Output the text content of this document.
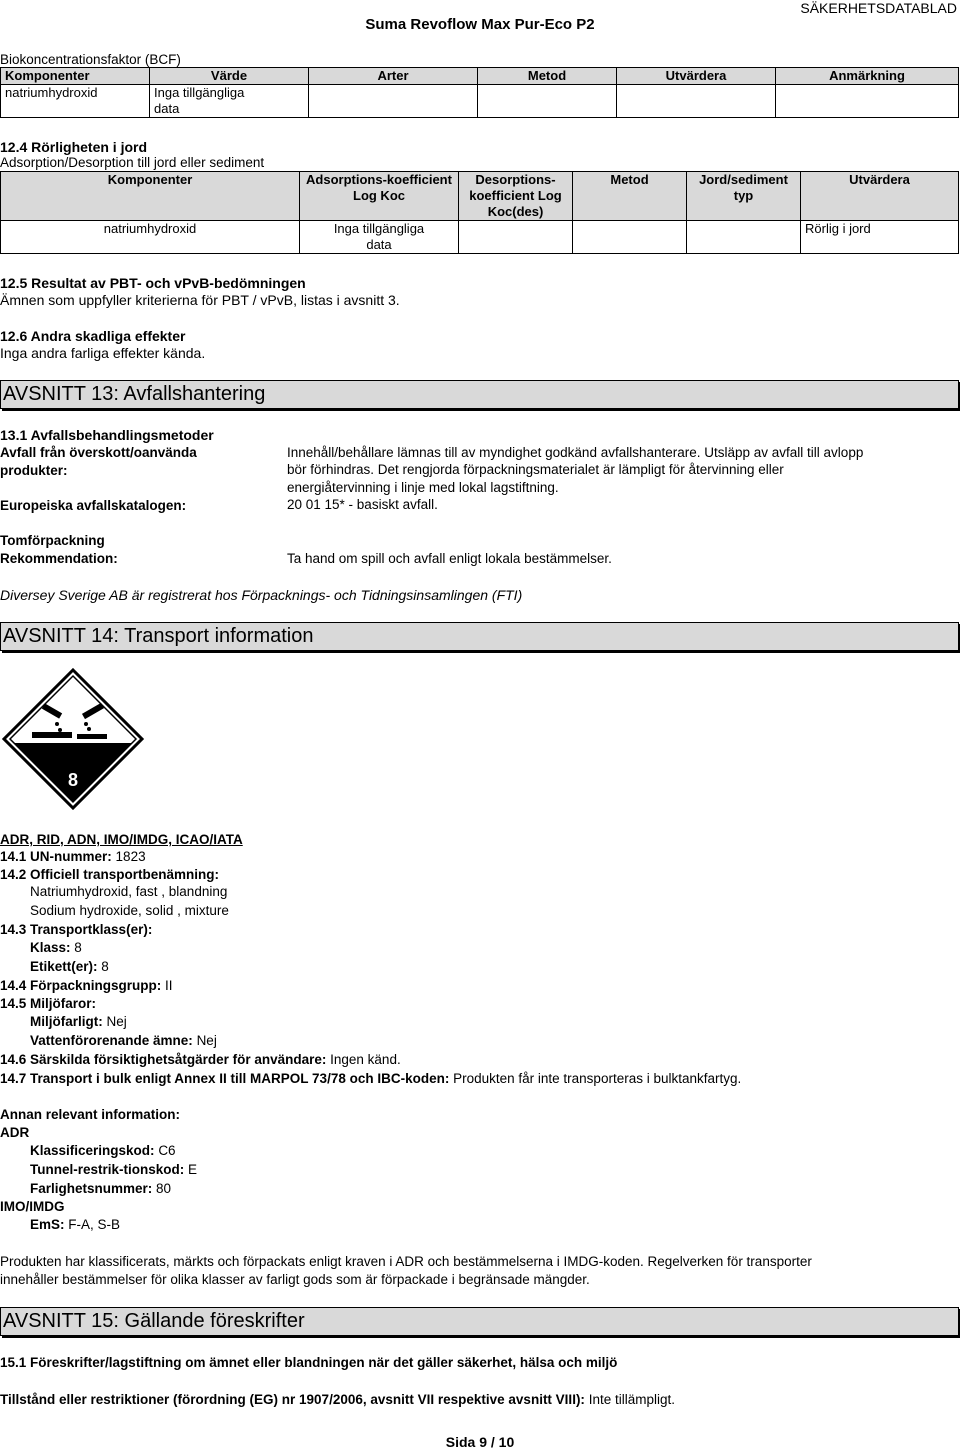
Suma Revoflow Max Pur-Eco P2
SÄKERHETSDATABLAD
Biokoncentrationsfaktor (BCF)
Komponenter	Värde	Arter	Metod	Utvärdera	Anmärkning
natriumhydroxid	Inga tillgängliga data				
12.4 Rörligheten i jord
Adsorption/Desorption till jord eller sediment
Komponenter	Adsorptions-koefficient Log Koc	Desorptions-koefficient Log Koc(des)	Metod	Jord/sediment typ	Utvärdera
natriumhydroxid	Inga tillgängliga data				Rörlig i jord
12.5 Resultat av PBT- och vPvB-bedömningen
Ämnen som uppfyller kriterierna för PBT / vPvB, listas i avsnitt 3.
12.6 Andra skadliga effekter
Inga andra farliga effekter kända.
AVSNITT 13: Avfallshantering
13.1 Avfallsbehandlingsmetoder
Avfall från överskott/oanvända
produkter:
Innehåll/behållare lämnas till av myndighet godkänd avfallshanterare. Utsläpp av avfall till avlopp
bör förhindras. Det rengjorda förpackningsmaterialet är lämpligt för återvinning eller
energiåtervinning i linje med lokal lagstiftning.
Europeiska avfallskatalogen:	20 01 15* - basiskt avfall.
Tomförpackning
Rekommendation:	Ta hand om spill och avfall enligt lokala bestämmelser.
Diversey Sverige AB är registrerat hos Förpacknings- och Tidningsinsamlingen (FTI)
AVSNITT 14: Transport information
8
ADR, RID, ADN, IMO/IMDG, ICAO/IATA
14.1 UN-nummer: 1823
14.2 Officiell transportbenämning:
Natriumhydroxid, fast , blandning
Sodium hydroxide, solid , mixture
14.3 Transportklass(er):
Klass: 8
Etikett(er): 8
14.4 Förpackningsgrupp: II
14.5 Miljöfaror:
Miljöfarligt: Nej
Vattenförorenande ämne: Nej
14.6 Särskilda försiktighetsåtgärder för användare: Ingen känd.
14.7 Transport i bulk enligt Annex II till MARPOL 73/78 och IBC-koden: Produkten får inte transporteras i bulktankfartyg.
Annan relevant information:
ADR
Klassificeringskod: C6
Tunnel-restrik-tionskod: E
Farlighetsnummer: 80
IMO/IMDG
EmS: F-A, S-B
Produkten har klassificerats, märkts och förpackats enligt kraven i ADR och bestämmelserna i IMDG-koden. Regelverken för transporter
innehåller bestämmelser för olika klasser av farligt gods som är förpackade i begränsade mängder.
AVSNITT 15: Gällande föreskrifter
15.1 Föreskrifter/lagstiftning om ämnet eller blandningen när det gäller säkerhet, hälsa och miljö
Tillstånd eller restriktioner (förordning (EG) nr 1907/2006, avsnitt VII respektive avsnitt VIII): Inte tillämpligt.
Sida 9 / 10
